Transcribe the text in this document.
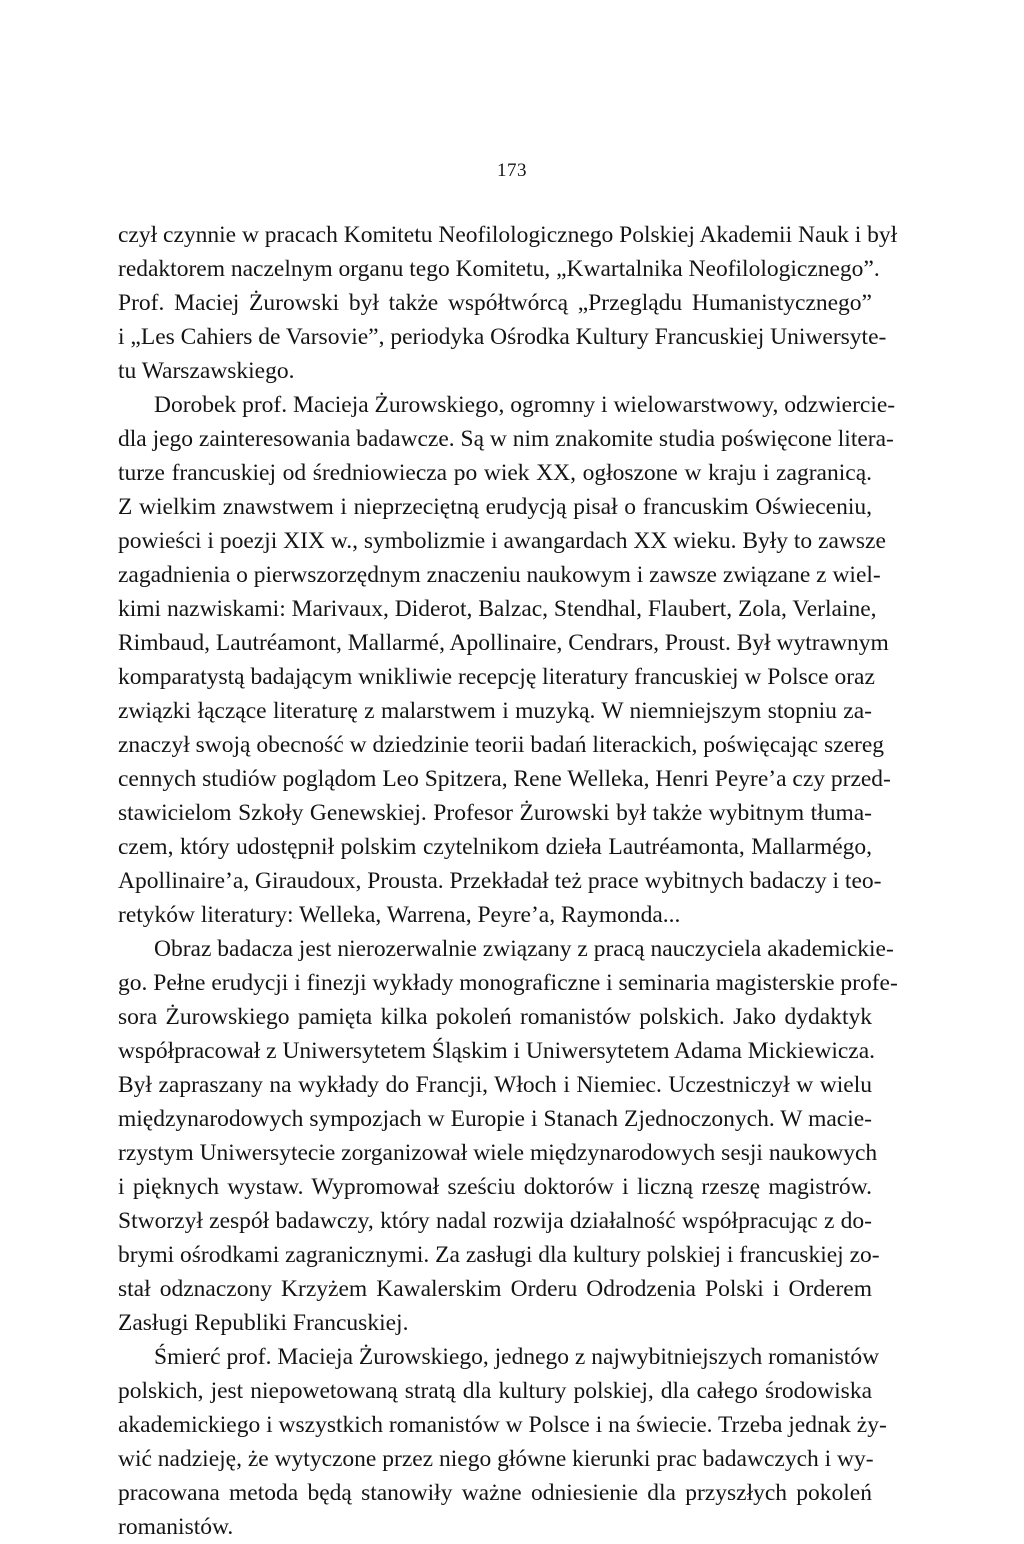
173
czył czynnie w pracach Komitetu Neofilologicznego Polskiej Akademii Nauk i był
redaktorem naczelnym organu tego Komitetu, „Kwartalnika Neofilologicznego”.
Prof. Maciej Żurowski był także współtwórcą „Przeglądu Humanistycznego”
i „Les Cahiers de Varsovie”, periodyka Ośrodka Kultury Francuskiej Uniwersyte-
tu Warszawskiego.
Dorobek prof. Macieja Żurowskiego, ogromny i wielowarstwowy, odzwiercie-
dla jego zainteresowania badawcze. Są w nim znakomite studia poświęcone litera-
turze francuskiej od średniowiecza po wiek XX, ogłoszone w kraju i zagranicą.
Z wielkim znawstwem i nieprzeciętną erudycją pisał o francuskim Oświeceniu,
powieści i poezji XIX w., symbolizmie i awangardach XX wieku. Były to zawsze
zagadnienia o pierwszorzędnym znaczeniu naukowym i zawsze związane z wiel-
kimi nazwiskami: Marivaux, Diderot, Balzac, Stendhal, Flaubert, Zola, Verlaine,
Rimbaud, Lautréamont, Mallarmé, Apollinaire, Cendrars, Proust. Był wytrawnym
komparatystą badającym wnikliwie recepcję literatury francuskiej w Polsce oraz
związki łączące literaturę z malarstwem i muzyką. W niemniejszym stopniu za-
znaczył swoją obecność w dziedzinie teorii badań literackich, poświęcając szereg
cennych studiów poglądom Leo Spitzera, Rene Welleka, Henri Peyre’a czy przed-
stawicielom Szkoły Genewskiej. Profesor Żurowski był także wybitnym tłuma-
czem, który udostępnił polskim czytelnikom dzieła Lautréamonta, Mallarmégo,
Apollinaire’a, Giraudoux, Prousta. Przekładał też prace wybitnych badaczy i teo-
retyków literatury: Welleka, Warrena, Peyre’a, Raymonda...
Obraz badacza jest nierozerwalnie związany z pracą nauczyciela akademickie-
go. Pełne erudycji i finezji wykłady monograficzne i seminaria magisterskie profe-
sora Żurowskiego pamięta kilka pokoleń romanistów polskich. Jako dydaktyk
współpracował z Uniwersytetem Śląskim i Uniwersytetem Adama Mickiewicza.
Był zapraszany na wykłady do Francji, Włoch i Niemiec. Uczestniczył w wielu
międzynarodowych sympozjach w Europie i Stanach Zjednoczonych. W macie-
rzystym Uniwersytecie zorganizował wiele międzynarodowych sesji naukowych
i pięknych wystaw. Wypromował sześciu doktorów i liczną rzeszę magistrów.
Stworzył zespół badawczy, który nadal rozwija działalność współpracując z do-
brymi ośrodkami zagranicznymi. Za zasługi dla kultury polskiej i francuskiej zo-
stał odznaczony Krzyżem Kawalerskim Orderu Odrodzenia Polski i Orderem
Zasługi Republiki Francuskiej.
Śmierć prof. Macieja Żurowskiego, jednego z najwybitniejszych romanistów
polskich, jest niepowetowaną stratą dla kultury polskiej, dla całego środowiska
akademickiego i wszystkich romanistów w Polsce i na świecie. Trzeba jednak ży-
wić nadzieję, że wytyczone przez niego główne kierunki prac badawczych i wy-
pracowana metoda będą stanowiły ważne odniesienie dla przyszłych pokoleń
romanistów.
